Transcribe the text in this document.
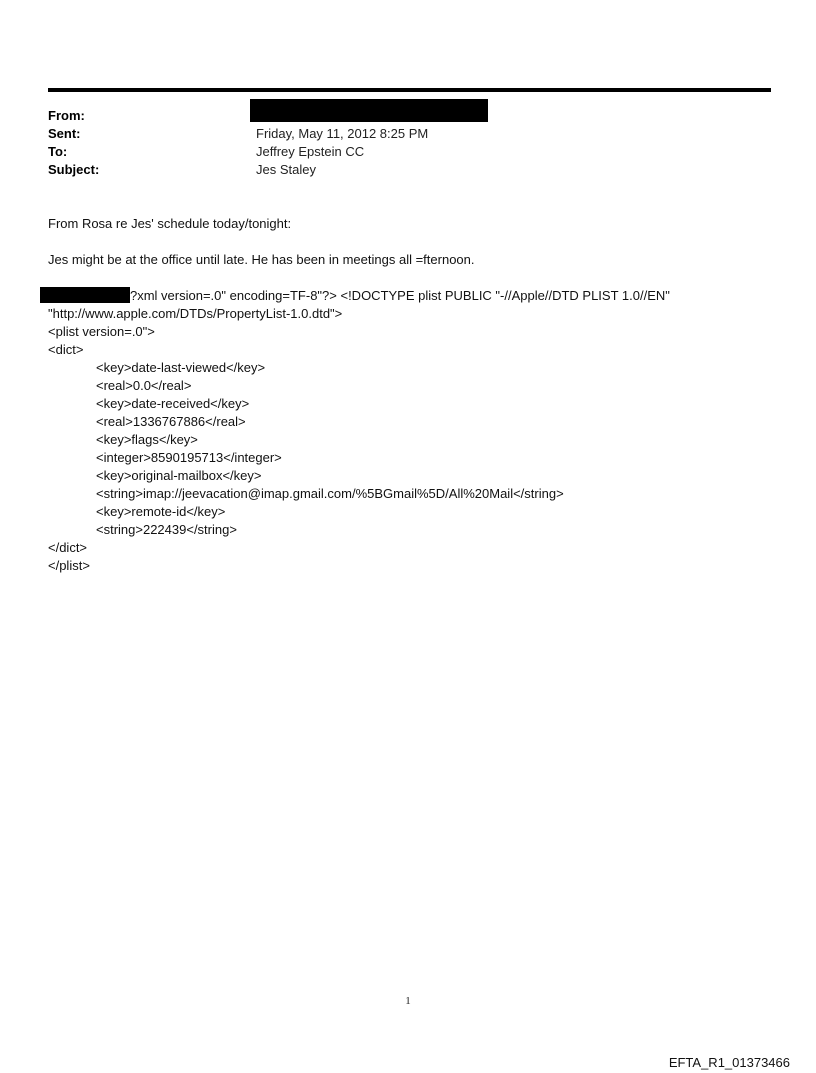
From:
Sent:	Friday, May 11, 2012 8:25 PM
To:	Jeffrey Epstein CC
Subject:	Jes Staley
From Rosa re Jes' schedule today/tonight:
Jes might be at the office until late. He has been in meetings all =fternoon.
?xml version=.0" encoding=TF-8"?> <!DOCTYPE plist PUBLIC "-//Apple//DTD PLIST 1.0//EN"
"http://www.apple.com/DTDs/PropertyList-1.0.dtd">
<plist version=.0">
<dict>
<key>date-last-viewed</key>
<real>0.0</real>
<key>date-received</key>
<real>1336767886</real>
<key>flags</key>
<integer>8590195713</integer>
<key>original-mailbox</key>
<string>imap://jeevacation@imap.gmail.com/%5BGmail%5D/All%20Mail</string>
<key>remote-id</key>
<string>222439</string>
</dict>
</plist>
1
EFTA_R1_01373466
